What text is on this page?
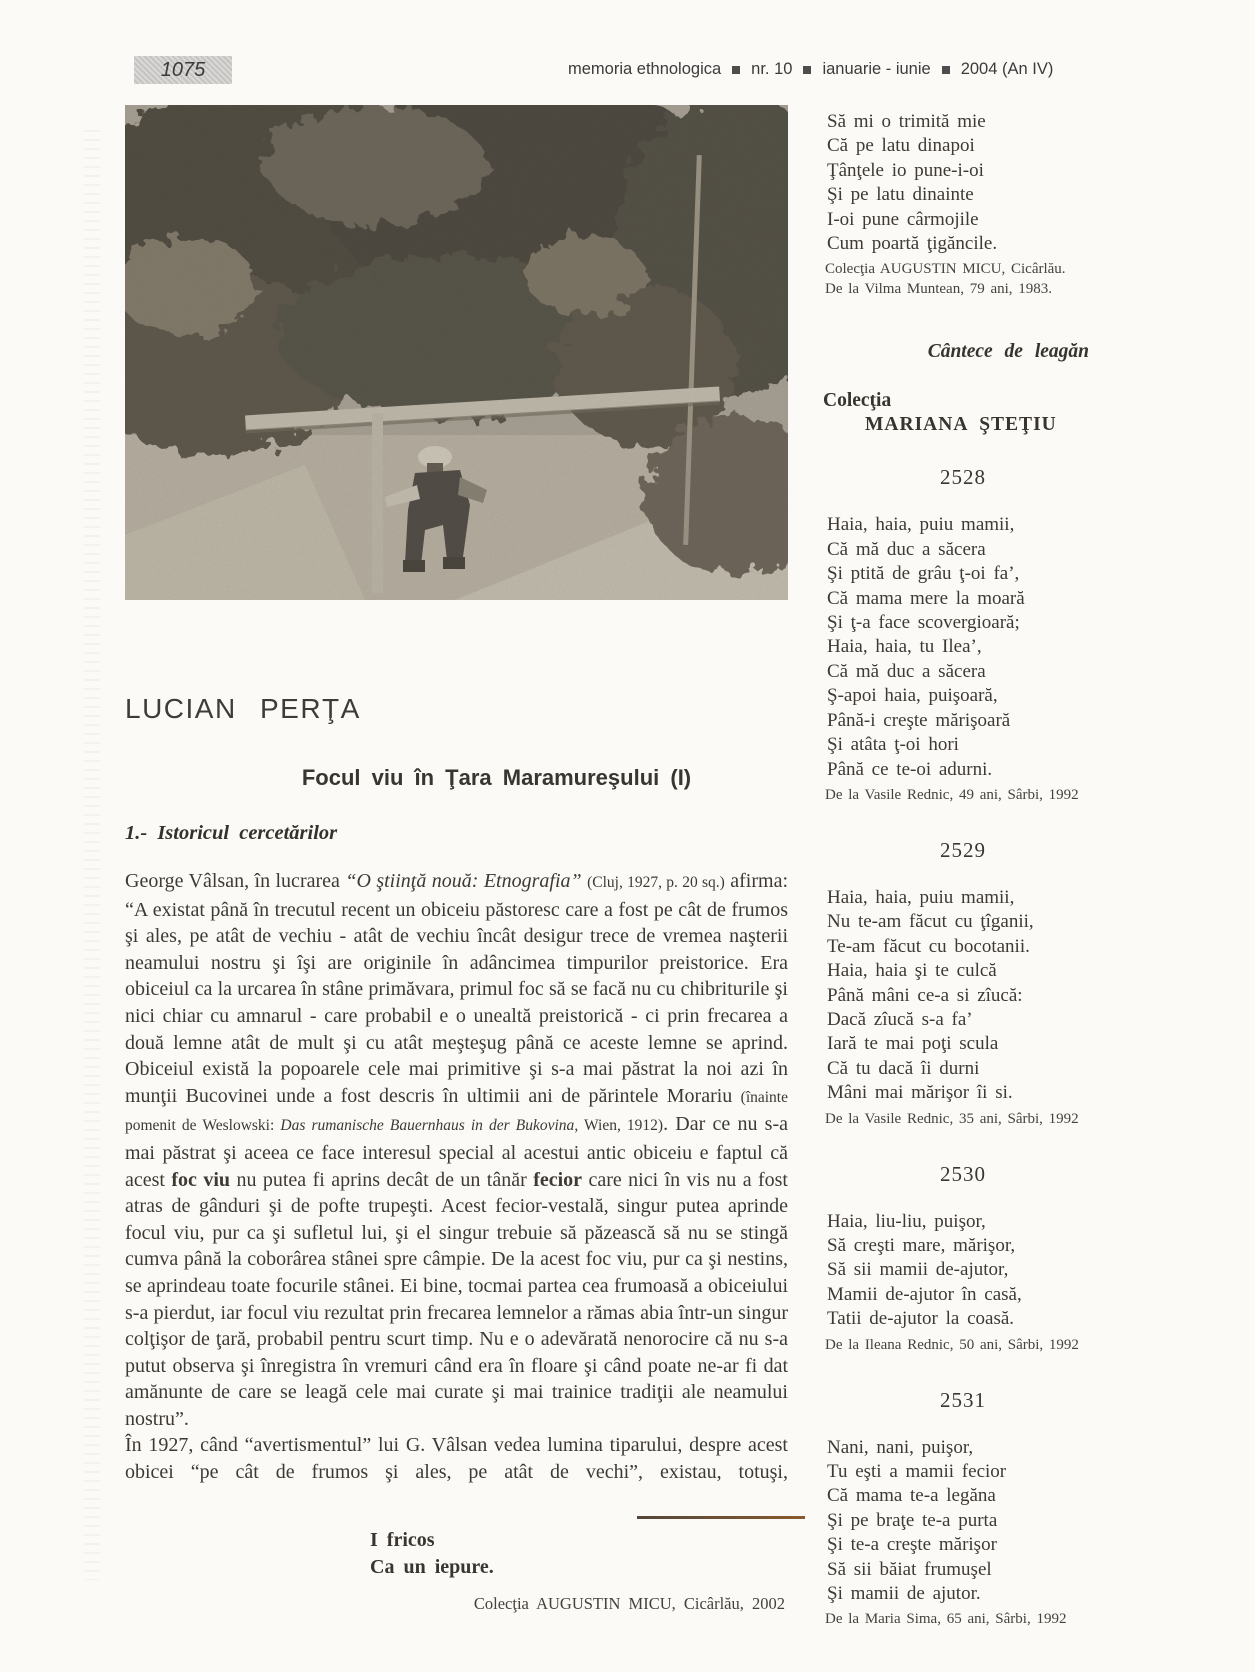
1075	memoria ethnologica nr. 10 ianuarie - iunie 2004 (An IV)
LUCIAN PERŢA
Focul viu în Ţara Maramureşului (I)
1.- Istoricul cercetărilor
George Vâlsan, în lucrarea “O ştiinţă nouă: Etnografia” (Cluj, 1927, p. 20 sq.) afirma: “A existat până în trecutul recent un obiceiu păstoresc care a fost pe cât de frumos şi ales, pe atât de vechiu - atât de vechiu încât desigur trece de vremea naşterii neamului nostru şi îşi are originile în adâncimea timpurilor preistorice. Era obiceiul ca la urcarea în stâne primăvara, primul foc să se facă nu cu chibriturile şi nici chiar cu amnarul - care probabil e o unealtă preistorică - ci prin frecarea a două lemne atât de mult şi cu atât meşteşug până ce aceste lemne se aprind. Obiceiul există la popoarele cele mai primitive şi s-a mai păstrat la noi azi în munţii Bucovinei unde a fost descris în ultimii ani de părintele Morariu (înainte pomenit de Weslowski: Das rumanische Bauernhaus in der Bukovina, Wien, 1912). Dar ce nu s-a mai păstrat şi aceea ce face interesul special al acestui antic obiceiu e faptul că acest foc viu nu putea fi aprins decât de un tânăr fecior care nici în vis nu a fost atras de gânduri şi de pofte trupeşti. Acest fecior-vestală, singur putea aprinde focul viu, pur ca şi sufletul lui, şi el singur trebuie să păzească să nu se stingă cumva până la coborârea stânei spre câmpie. De la acest foc viu, pur ca şi nestins, se aprindeau toate focurile stânei. Ei bine, tocmai partea cea frumoasă a obiceiului s-a pierdut, iar focul viu rezultat prin frecarea lemnelor a rămas abia într-un singur colţişor de ţară, probabil pentru scurt timp. Nu e o adevărată nenorocire că nu s-a putut observa şi înregistra în vremuri când era în floare şi când poate ne-ar fi dat amănunte de care se leagă cele mai curate şi mai trainice tradiţii ale neamului nostru”.
În 1927, când “avertismentul” lui G. Vâlsan vedea lumina tiparului, despre acest obicei “pe cât de frumos şi ales, pe atât de vechi”, existau, totuşi,
I fricos
Ca un iepure.
Colecţia AUGUSTIN MICU, Cicârlău, 2002
Să mi o trimită mie
Că pe latu dinapoi
Ţânţele io pune-i-oi
Şi pe latu dinainte
I-oi pune cârmojile
Cum poartă ţigăncile.
Colecţia AUGUSTIN MICU, Cicârlău.
De la Vilma Muntean, 79 ani, 1983.
Cântece de leagăn
Colecţia
MARIANA ŞTEŢIU
2528
Haia, haia, puiu mamii,
Că mă duc a săcera
Şi ptită de grâu ţ-oi fa’,
Că mama mere la moară
Şi ţ-a face scovergioară;
Haia, haia, tu Ilea’,
Că mă duc a săcera
Ş-apoi haia, puişoară,
Până-i creşte mărişoară
Şi atâta ţ-oi hori
Până ce te-oi adurni.
De la Vasile Rednic, 49 ani, Sârbi, 1992
2529
Haia, haia, puiu mamii,
Nu te-am făcut cu ţîganii,
Te-am făcut cu bocotanii.
Haia, haia şi te culcă
Până mâni ce-a si zîucă:
Dacă zîucă s-a fa’
Iară te mai poţi scula
Că tu dacă îi durni
Mâni mai mărişor îi si.
De la Vasile Rednic, 35 ani, Sârbi, 1992
2530
Haia, liu-liu, puişor,
Să creşti mare, mărişor,
Să sii mamii de-ajutor,
Mamii de-ajutor în casă,
Tatii de-ajutor la coasă.
De la Ileana Rednic, 50 ani, Sârbi, 1992
2531
Nani, nani, puişor,
Tu eşti a mamii fecior
Că mama te-a legăna
Şi pe braţe te-a purta
Şi te-a creşte mărişor
Să sii băiat frumuşel
Şi mamii de ajutor.
De la Maria Sima, 65 ani, Sârbi, 1992
